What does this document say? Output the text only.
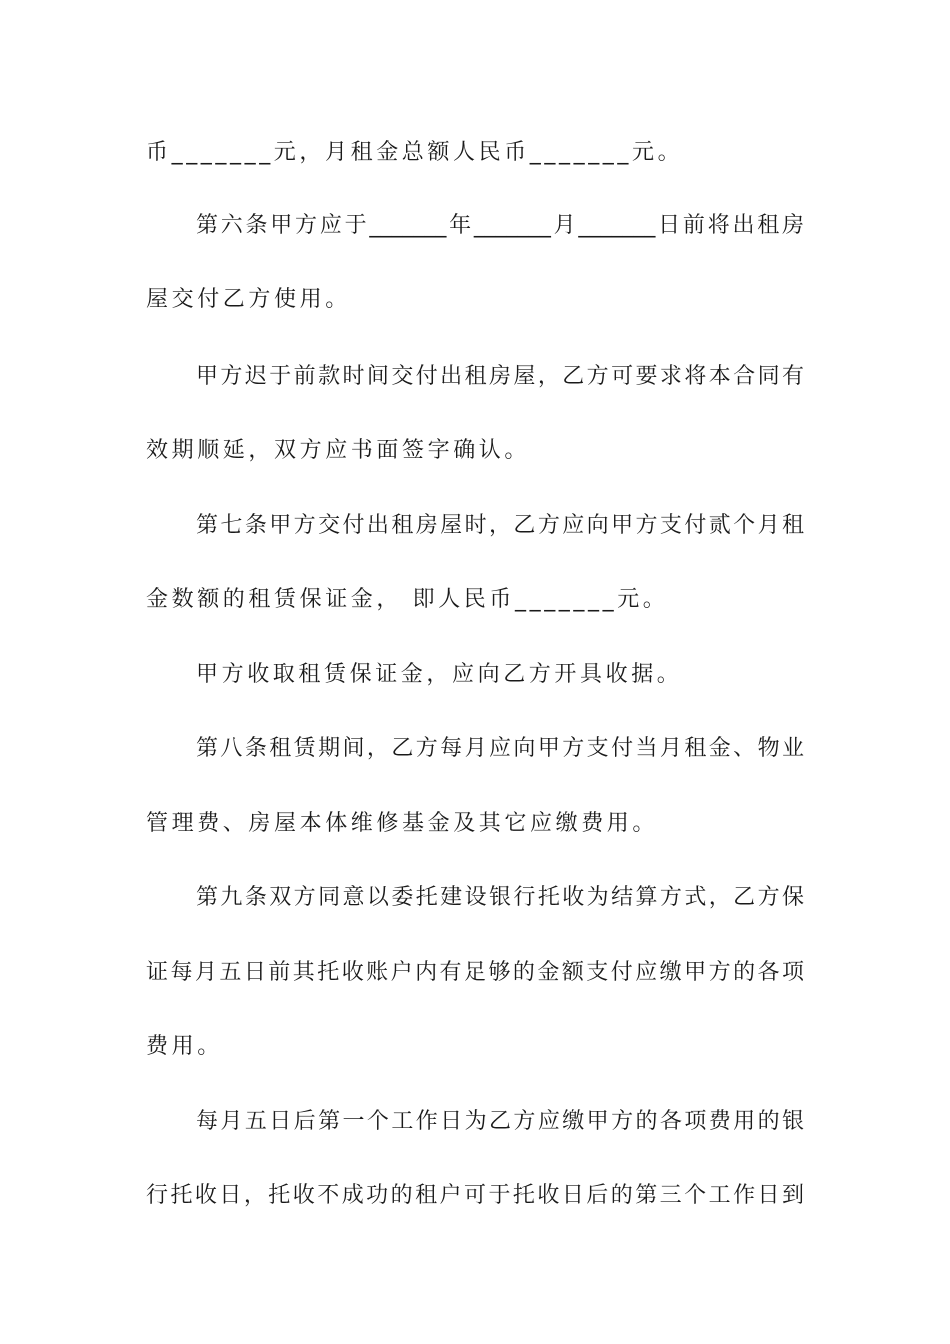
币_______元，月租金总额人民币_______元。
第六条甲方应于_______年_______月_______日前将出租房
屋交付乙方使用。
甲方迟于前款时间交付出租房屋，乙方可要求将本合同有
效期顺延，双方应书面签字确认。
第七条甲方交付出租房屋时，乙方应向甲方支付贰个月租
金数额的租赁保证金， 即人民币_______元。
甲方收取租赁保证金，应向乙方开具收据。
第八条租赁期间，乙方每月应向甲方支付当月租金、物业
管理费、房屋本体维修基金及其它应缴费用。
第九条双方同意以委托建设银行托收为结算方式，乙方保
证每月五日前其托收账户内有足够的金额支付应缴甲方的各项
费用。
每月五日后第一个工作日为乙方应缴甲方的各项费用的银
行托收日，托收不成功的租户可于托收日后的第三个工作日到
